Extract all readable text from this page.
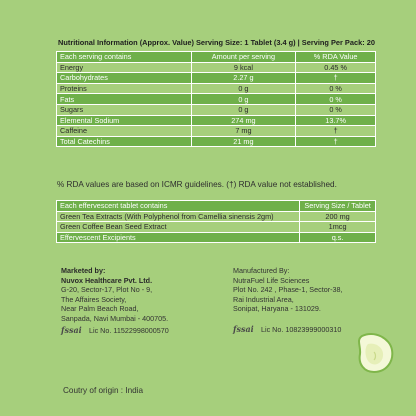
Nutritional Information (Approx. Value) Serving Size: 1 Tablet (3.4 g) | Serving Per Pack: 20
Each serving contains	Amount per serving	% RDA Value
Energy	9 kcal	0.45 %
Carbohydrates	2.27 g	†
Proteins	0 g	0 %
Fats	0 g	0 %
Sugars	0 g	0 %
Elemental Sodium	274 mg	13.7%
Caffeine	7 mg	†
Total Catechins	21 mg	†
% RDA values are based on ICMR guidelines. (†) RDA value not established.
Each effervescent tablet contains	Serving Size / Tablet
Green Tea Extracts (With Polyphenol from Camellia sinensis 2gm)	200 mg
Green Coffee Bean Seed Extract	1mcg
Effervescent Excipients	q.s.
Marketed by:
Nuvox Healthcare Pvt. Ltd.
G-20, Sector-17, Plot No - 9,
The Affaires Society,
Near Palm Beach Road,
Sanpada, Navi Mumbai - 400705.
fssai Lic No. 11522998000570
Manufactured By:
NutraFuel Life Sciences
Plot No. 242 , Phase-1, Sector-38,
Rai Industrial Area,
Sonipat, Haryana - 131029.
fssai Lic No. 10823999000310
Coutry of origin : India
